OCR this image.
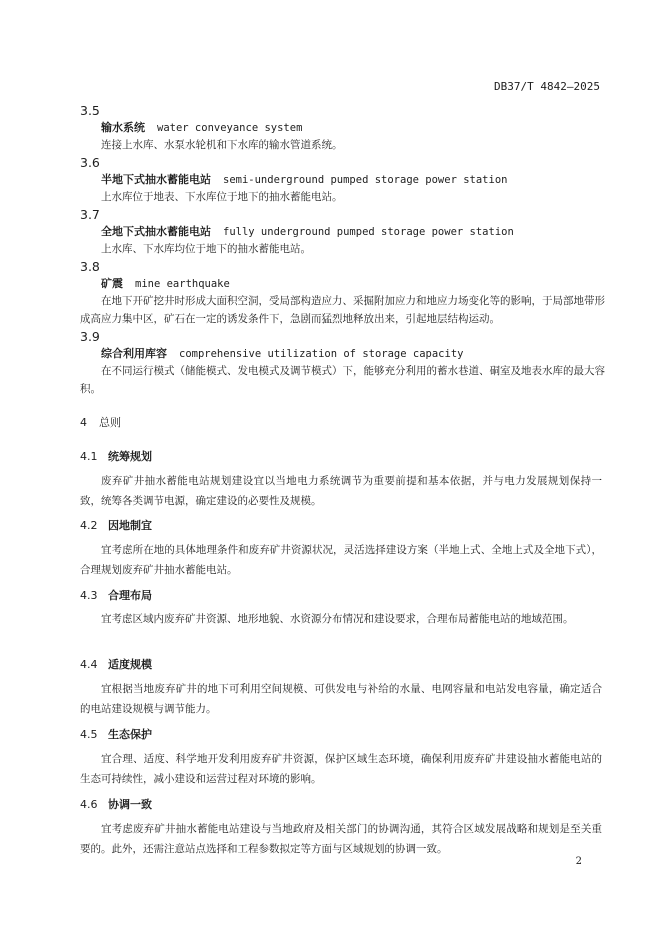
DB37/T 4842—2025
3.5
输水系统 water conveyance system
连接上水库、水泵水轮机和下水库的输水管道系统。
3.6
半地下式抽水蓄能电站 semi-underground pumped storage power station
上水库位于地表、下水库位于地下的抽水蓄能电站。
3.7
全地下式抽水蓄能电站 fully underground pumped storage power station
上水库、下水库均位于地下的抽水蓄能电站。
3.8
矿震 mine earthquake
在地下开矿挖井时形成大面积空洞，受局部构造应力、采掘附加应力和地应力场变化等的影响，于局部地带形成高应力集中区，矿石在一定的诱发条件下，急剧而猛烈地释放出来，引起地层结构运动。
3.9
综合利用库容 comprehensive utilization of storage capacity
在不同运行模式（储能模式、发电模式及调节模式）下，能够充分利用的蓄水巷道、硐室及地表水库的最大容积。
4 总则
4.1 统筹规划
废弃矿井抽水蓄能电站规划建设宜以当地电力系统调节为重要前提和基本依据，并与电力发展规划保持一致，统筹各类调节电源，确定建设的必要性及规模。
4.2 因地制宜
宜考虑所在地的具体地理条件和废弃矿井资源状况，灵活选择建设方案（半地上式、全地上式及全地下式），合理规划废弃矿井抽水蓄能电站。
4.3 合理布局
宜考虑区域内废弃矿井资源、地形地貌、水资源分布情况和建设要求，合理布局蓄能电站的地域范围。
4.4 适度规模
宜根据当地废弃矿井的地下可利用空间规模、可供发电与补给的水量、电网容量和电站发电容量，确定适合的电站建设规模与调节能力。
4.5 生态保护
宜合理、适度、科学地开发利用废弃矿井资源，保护区域生态环境，确保利用废弃矿井建设抽水蓄能电站的生态可持续性，减小建设和运营过程对环境的影响。
4.6 协调一致
宜考虑废弃矿井抽水蓄能电站建设与当地政府及相关部门的协调沟通，其符合区域发展战略和规划是至关重要的。此外，还需注意站点选择和工程参数拟定等方面与区域规划的协调一致。
2
